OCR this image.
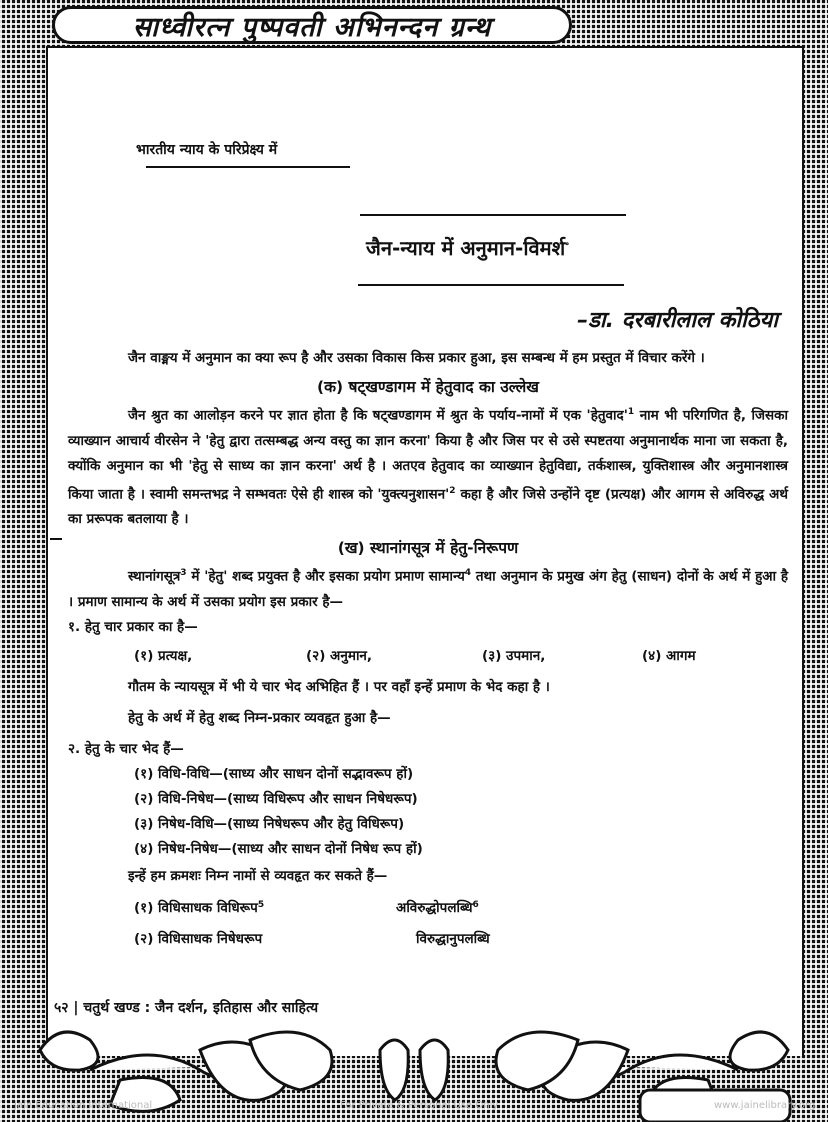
साध्वीरत्न पुष्पवती अभिनन्दन ग्रन्थ
भारतीय न्याय के परिप्रेक्ष्य में
जैन-न्याय में अनुमान-विमर्श॰
–डा. दरबारीलाल कोठिया

जैन वाङ्मय में अनुमान का क्या रूप है और उसका विकास किस प्रकार हुआ, इस सम्बन्ध में हम प्रस्तुत में विचार करेंगे ।

(क) षट्खण्डागम में हेतुवाद का उल्लेख

जैन श्रुत का आलोड़न करने पर ज्ञात होता है कि षट्खण्डागम में श्रुत के पर्याय-नामों में एक '$हेतुवाद'^1$ नाम भी परिगणित है, जिसका व्याख्यान आचार्य वीरसेन ने 'हेतु द्वारा तत्सम्बद्ध अन्य वस्तु का ज्ञान करना' किया है और जिस पर से उसे स्पष्टतया अनुमानार्थक माना जा सकता है, क्योंकि अनुमान का भी 'हेतु से साध्य का ज्ञान करना' अर्थ है । अतएव हेतुवाद का व्याख्यान हेतुविद्या, तर्कशास्त्र, युक्तिशास्त्र और अनुमानशास्त्र किया जाता है । स्वामी समन्तभद्र ने सम्भवतः ऐसे ही शास्त्र को '$युक्त्यनुशासन'^2$ कहा है और जिसे उन्होंने दृष्ट (प्रत्यक्ष) और आगम से अविरुद्ध अर्थ का प्ररूपक बतलाया है ।

(ख) स्थानांगसूत्र में हेतु-निरूपण

स्थानांगसूत्र$^3$ में 'हेतु' शब्द प्रयुक्त है और इसका प्रयोग प्रमाण सामान्य$^4$ तथा अनुमान के प्रमुख अंग हेतु (साधन) दोनों के अर्थ में हुआ है । प्रमाण सामान्य के अर्थ में उसका प्रयोग इस प्रकार है—

१. हेतु चार प्रकार का है—

(१) प्रत्यक्ष,	(२) अनुमान,	(३) उपमान,	(४) आगम

गौतम के न्यायसूत्र में भी ये चार भेद अभिहित हैं । पर वहाँ इन्हें प्रमाण के भेद कहा है ।

हेतु के अर्थ में हेतु शब्द निम्न-प्रकार व्यवहृत हुआ है—

२. हेतु के चार भेद हैं—

(१) विधि-विधि—(साध्य और साधन दोनों सद्भावरूप हों)

(२) विधि-निषेध—(साध्य विधिरूप और साधन निषेधरूप)

(३) निषेध-विधि—(साध्य निषेधरूप और हेतु विधिरूप)

(४) निषेध-निषेध—(साध्य और साधन दोनों निषेध रूप हों)

इन्हें हम क्रमशः निम्न नामों से व्यवहृत कर सकते हैं—

(१) विधिसाधक विधिरूप$^5$	अविरुद्धोपलब्धि$^6$
(२) विधिसाधक निषेधरूप	विरुद्धानुपलब्धि
५२ | चतुर्थ खण्ड : जैन दर्शन, इतिहास और साहित्य
Jain Education International	For Private & Personal Use Only	www.jainelibrary.org
